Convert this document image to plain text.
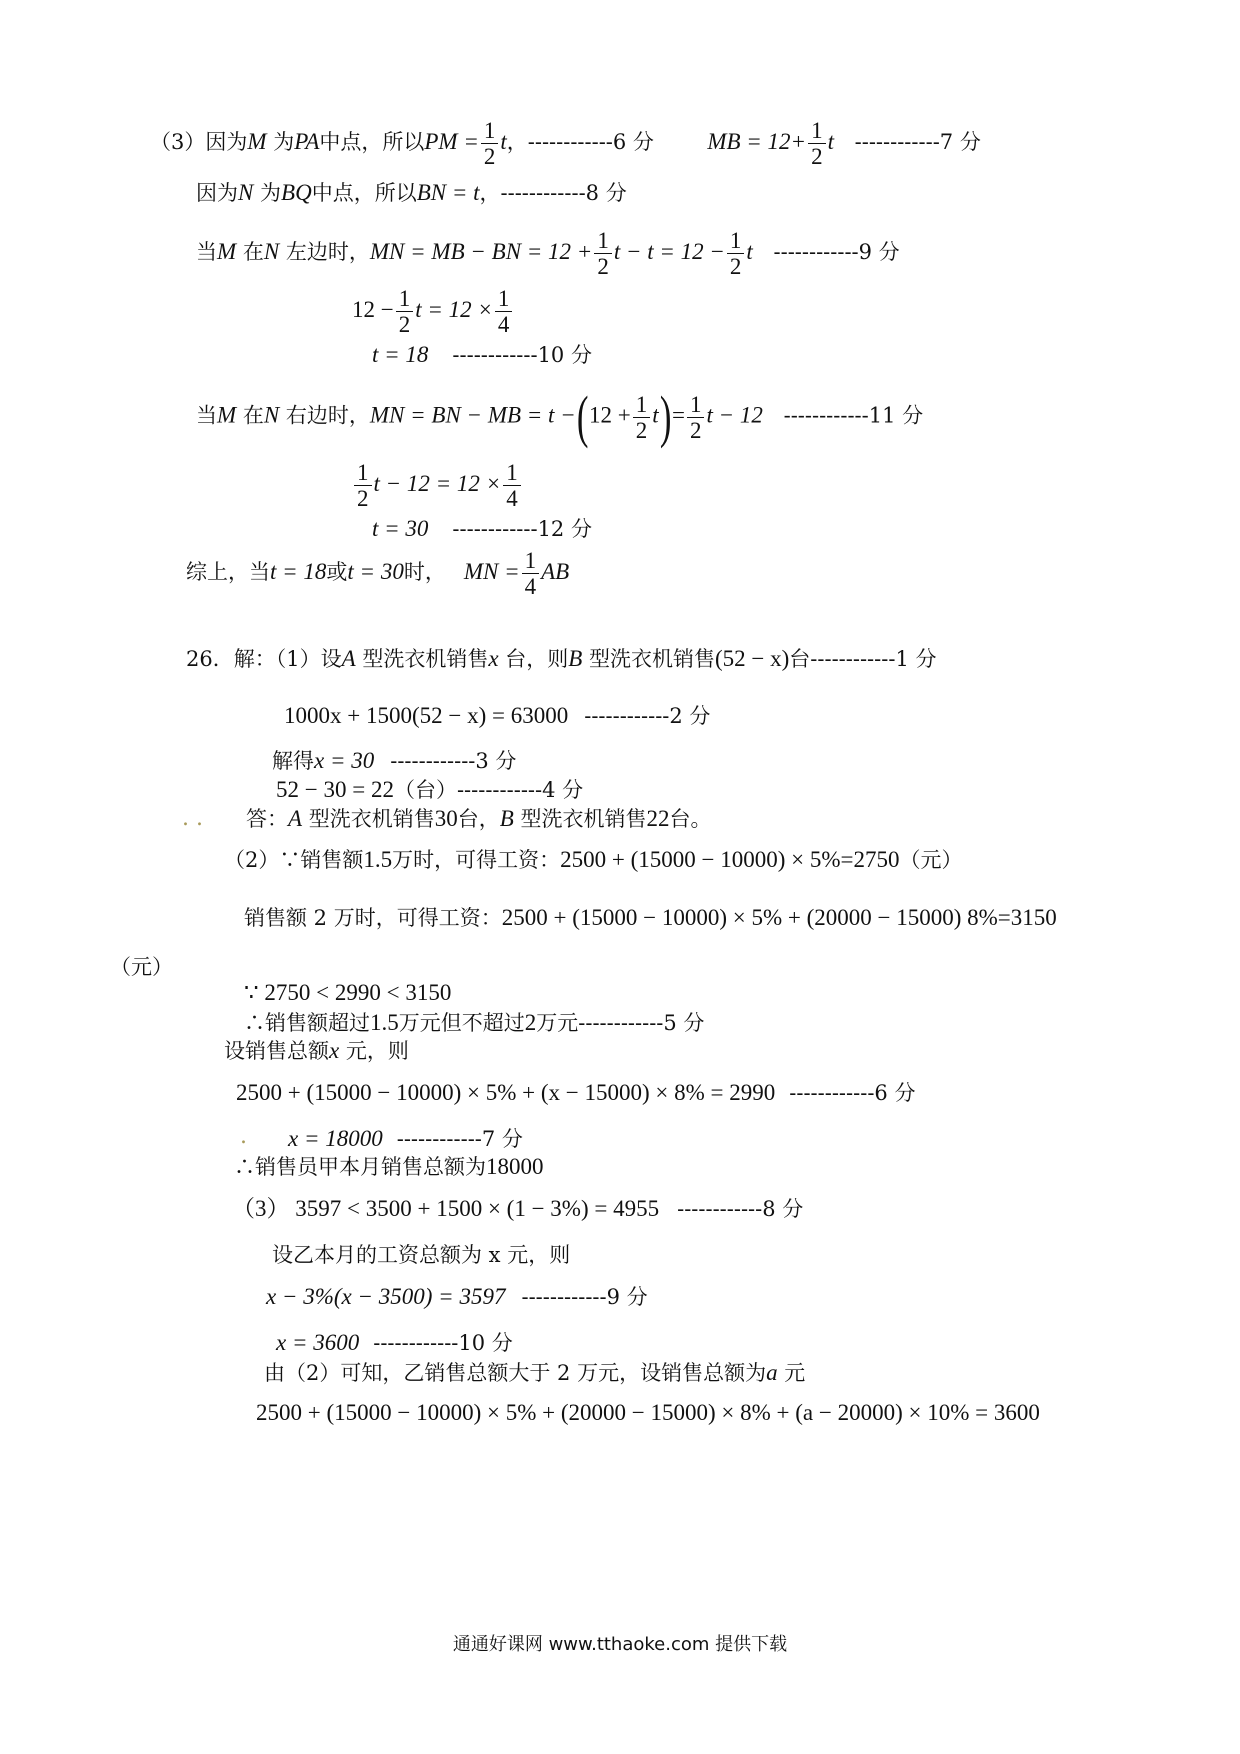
（3）因为M 为PA中点，所以PM = $\frac{1}{2}$ t，------------6 分 MB = $12+ \frac{1}{2}$ t ------------7 分
因为N 为BQ中点，所以BN = t，------------8 分
当M 在N 左边时，MN = MB − BN = $12 + \frac{1}{2}$ $t - t = 12 - \frac{1}{2}$ t ------------9 分
$12 - \frac{1}{2}$ $t = 12 \times \frac{1}{4}$
t = 18 ------------10 分
当M 在N 右边时，MN = BN − MB = $t -(12 + \frac{1}{2} t)= \frac{1}{2}$ t − 12 ------------11 分
$\frac{1}{2}$ $t - 12 = 12 \times \frac{1}{4}$
t = 30 ------------12 分
综上，当t = 18或t = 30时， MN = $\frac{1}{4}$ AB
26．解：（1）设A 型洗衣机销售x 台，则B 型洗衣机销售(52 − x)台------------1 分
1000x + 1500(52 − x) = 63000 ------------2 分
解得x = 30 ------------3 分
52 − 30 = 22（台）------------4 分
. . 答：A 型洗衣机销售30台，B 型洗衣机销售22台。
（2）∵销售额1.5万时，可得工资：2500 + (15000 − 10000) × 5%=2750（元）
销售额 2 万时，可得工资：2500 + (15000 − 10000) × 5% + (20000 − 15000) 8%=3150
（元）
∵ 2750 < 2990 < 3150
∴销售额超过1.5万元但不超过2万元------------5 分
设销售总额x 元，则
2500 + (15000 − 10000) × 5% + (x − 15000) × 8% = 2990 ------------6 分
. x = 18000 ------------7 分
∴销售员甲本月销售总额为18000
（3） 3597 < 3500 + 1500 × (1 − 3%) = 4955 ------------8 分
设乙本月的工资总额为 x 元，则
x − 3%(x − 3500) = 3597 ------------9 分
x = 3600 ------------10 分
由（2）可知，乙销售总额大于 2 万元，设销售总额为a 元
2500 + (15000 − 10000) × 5% + (20000 − 15000) × 8% + (a − 20000) × 10% = 3600
通通好课网 www.tthaoke.com 提供下载
